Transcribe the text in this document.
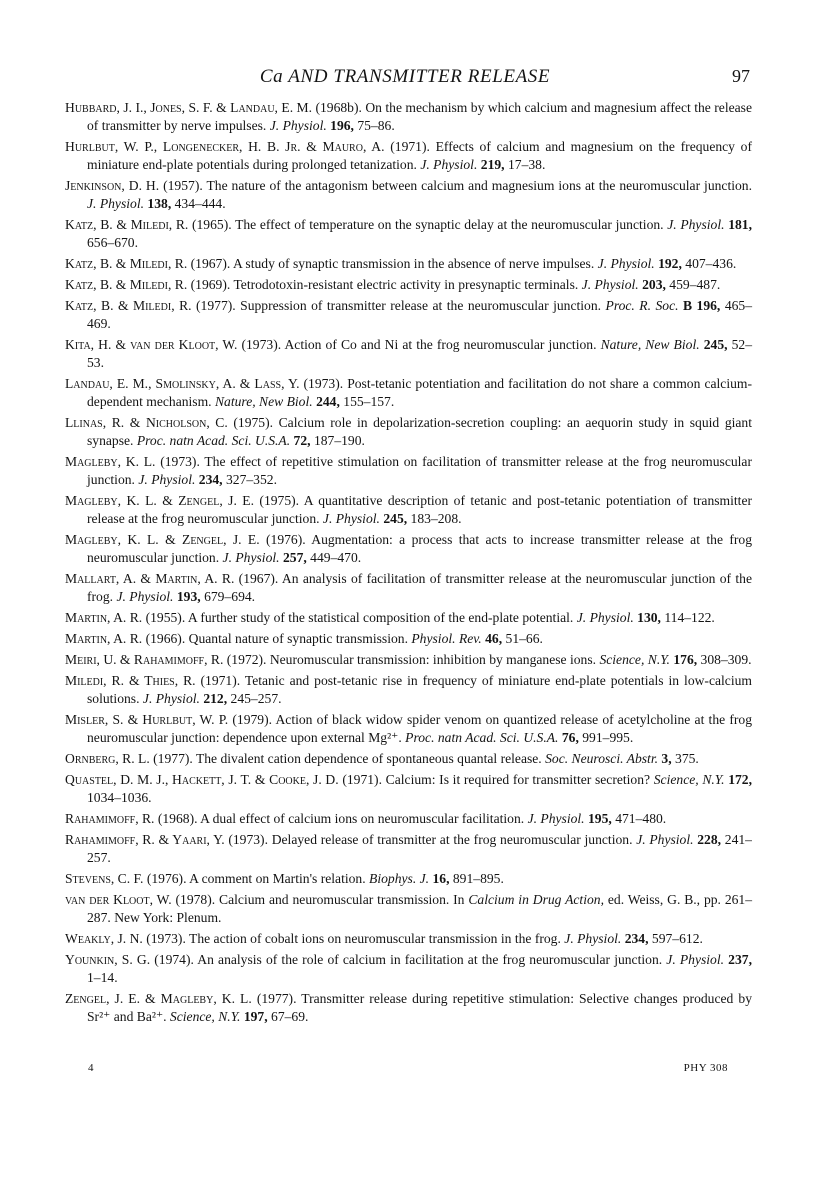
Ca AND TRANSMITTER RELEASE	97

Hubbard, J. I., Jones, S. F. & Landau, E. M. (1968b). On the mechanism by which calcium and magnesium affect the release of transmitter by nerve impulses. J. Physiol. 196, 75–86.

Hurlbut, W. P., Longenecker, H. B. Jr. & Mauro, A. (1971). Effects of calcium and magnesium on the frequency of miniature end-plate potentials during prolonged tetanization. J. Physiol. 219, 17–38.

Jenkinson, D. H. (1957). The nature of the antagonism between calcium and magnesium ions at the neuromuscular junction. J. Physiol. 138, 434–444.

Katz, B. & Miledi, R. (1965). The effect of temperature on the synaptic delay at the neuromuscular junction. J. Physiol. 181, 656–670.

Katz, B. & Miledi, R. (1967). A study of synaptic transmission in the absence of nerve impulses. J. Physiol. 192, 407–436.

Katz, B. & Miledi, R. (1969). Tetrodotoxin-resistant electric activity in presynaptic terminals. J. Physiol. 203, 459–487.

Katz, B. & Miledi, R. (1977). Suppression of transmitter release at the neuromuscular junction. Proc. R. Soc. B 196, 465–469.

Kita, H. & van der Kloot, W. (1973). Action of Co and Ni at the frog neuromuscular junction. Nature, New Biol. 245, 52–53.

Landau, E. M., Smolinsky, A. & Lass, Y. (1973). Post-tetanic potentiation and facilitation do not share a common calcium-dependent mechanism. Nature, New Biol. 244, 155–157.

Llinas, R. & Nicholson, C. (1975). Calcium role in depolarization-secretion coupling: an aequorin study in squid giant synapse. Proc. natn Acad. Sci. U.S.A. 72, 187–190.

Magleby, K. L. (1973). The effect of repetitive stimulation on facilitation of transmitter release at the frog neuromuscular junction. J. Physiol. 234, 327–352.

Magleby, K. L. & Zengel, J. E. (1975). A quantitative description of tetanic and post-tetanic potentiation of transmitter release at the frog neuromuscular junction. J. Physiol. 245, 183–208.

Magleby, K. L. & Zengel, J. E. (1976). Augmentation: a process that acts to increase transmitter release at the frog neuromuscular junction. J. Physiol. 257, 449–470.

Mallart, A. & Martin, A. R. (1967). An analysis of facilitation of transmitter release at the neuromuscular junction of the frog. J. Physiol. 193, 679–694.

Martin, A. R. (1955). A further study of the statistical composition of the end-plate potential. J. Physiol. 130, 114–122.

Martin, A. R. (1966). Quantal nature of synaptic transmission. Physiol. Rev. 46, 51–66.

Meiri, U. & Rahamimoff, R. (1972). Neuromuscular transmission: inhibition by manganese ions. Science, N.Y. 176, 308–309.

Miledi, R. & Thies, R. (1971). Tetanic and post-tetanic rise in frequency of miniature end-plate potentials in low-calcium solutions. J. Physiol. 212, 245–257.

Misler, S. & Hurlbut, W. P. (1979). Action of black widow spider venom on quantized release of acetylcholine at the frog neuromuscular junction: dependence upon external Mg²⁺. Proc. natn Acad. Sci. U.S.A. 76, 991–995.

Ornberg, R. L. (1977). The divalent cation dependence of spontaneous quantal release. Soc. Neurosci. Abstr. 3, 375.

Quastel, D. M. J., Hackett, J. T. & Cooke, J. D. (1971). Calcium: Is it required for transmitter secretion? Science, N.Y. 172, 1034–1036.

Rahamimoff, R. (1968). A dual effect of calcium ions on neuromuscular facilitation. J. Physiol. 195, 471–480.

Rahamimoff, R. & Yaari, Y. (1973). Delayed release of transmitter at the frog neuromuscular junction. J. Physiol. 228, 241–257.

Stevens, C. F. (1976). A comment on Martin's relation. Biophys. J. 16, 891–895.

van der Kloot, W. (1978). Calcium and neuromuscular transmission. In Calcium in Drug Action, ed. Weiss, G. B., pp. 261–287. New York: Plenum.

Weakly, J. N. (1973). The action of cobalt ions on neuromuscular transmission in the frog. J. Physiol. 234, 597–612.

Younkin, S. G. (1974). An analysis of the role of calcium in facilitation at the frog neuromuscular junction. J. Physiol. 237, 1–14.

Zengel, J. E. & Magleby, K. L. (1977). Transmitter release during repetitive stimulation: Selective changes produced by Sr²⁺ and Ba²⁺. Science, N.Y. 197, 67–69.

4	PHY 308
